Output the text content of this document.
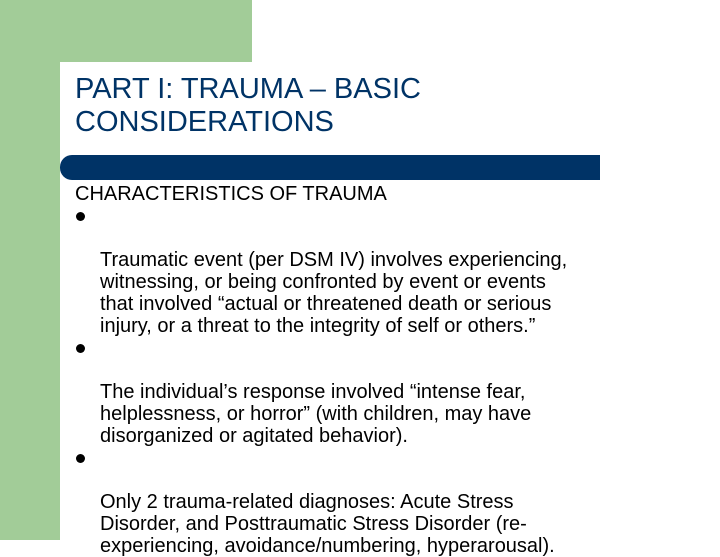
PART I: TRAUMA – BASIC
CONSIDERATIONS
CHARACTERISTICS OF TRAUMA

Traumatic event (per DSM IV) involves experiencing,
witnessing, or being confronted by event or events
that involved “actual or threatened death or serious
injury, or a threat to the integrity of self or others.”

The individual’s response involved “intense fear,
helplessness, or horror” (with children, may have
disorganized or agitated behavior).

Only 2 trauma-related diagnoses: Acute Stress
Disorder, and Posttraumatic Stress Disorder (re-
experiencing, avoidance/numbering, hyperarousal).
